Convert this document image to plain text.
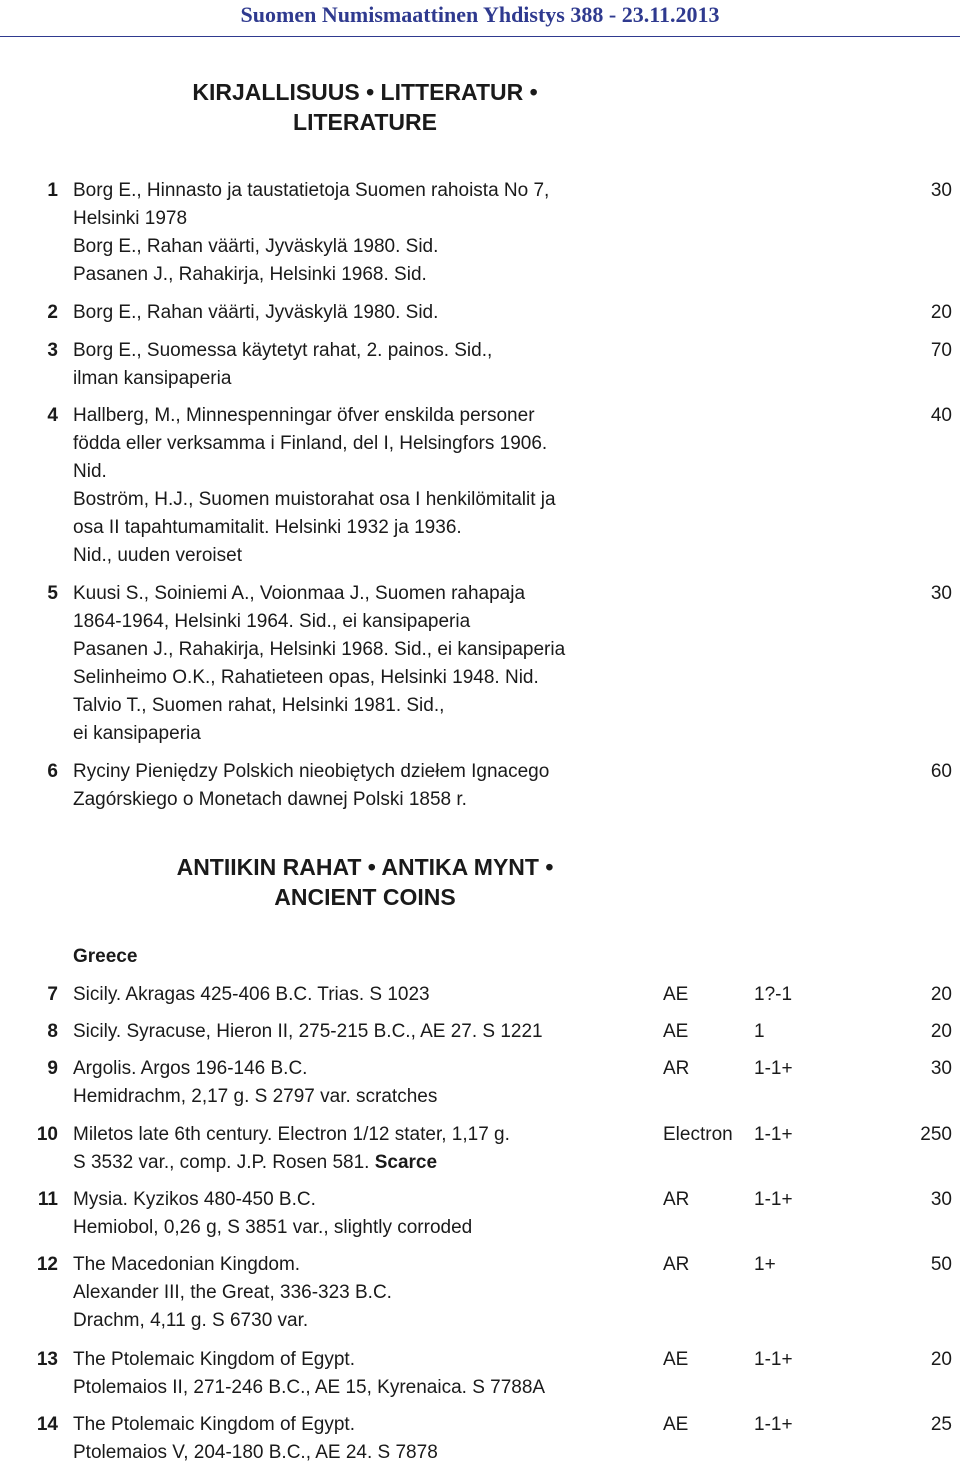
Suomen Numismaattinen Yhdistys 388 - 23.11.2013
KIRJALLISUUS • LITTERATUR •
LITERATURE
1 Borg E., Hinnasto ja taustatietoja Suomen rahoista No 7,
Helsinki 1978
Borg E., Rahan väärti, Jyväskylä 1980. Sid.
Pasanen J., Rahakirja, Helsinki 1968. Sid.
30
2 Borg E., Rahan väärti, Jyväskylä 1980. Sid.	20
3 Borg E., Suomessa käytetyt rahat, 2. painos. Sid.,
ilman kansipaperia
70
4 Hallberg, M., Minnespenningar öfver enskilda personer
födda eller verksamma i Finland, del I, Helsingfors 1906.
Nid.
Boström, H.J., Suomen muistorahat osa I henkilömitalit ja
osa II tapahtumamitalit. Helsinki 1932 ja 1936.
Nid., uuden veroiset
40
5 Kuusi S., Soiniemi A., Voionmaa J., Suomen rahapaja
1864-1964, Helsinki 1964. Sid., ei kansipaperia
Pasanen J., Rahakirja, Helsinki 1968. Sid., ei kansipaperia
Selinheimo O.K., Rahatieteen opas, Helsinki 1948. Nid.
Talvio T., Suomen rahat, Helsinki 1981. Sid.,
ei kansipaperia
30
6 Ryciny Pieniędzy Polskich nieobiętych dziełem Ignacego
Zagórskiego o Monetach dawnej Polski 1858 r.
60
ANTIIKIN RAHAT • ANTIKA MYNT •
ANCIENT COINS
Greece
7 Sicily. Akragas 425-406 B.C. Trias. S 1023	AE	1?-1	20
8 Sicily. Syracuse, Hieron II, 275-215 B.C., AE 27. S 1221	AE	1	20
9 Argolis. Argos 196-146 B.C.
Hemidrachm, 2,17 g. S 2797 var. scratches
AR	1-1+	30
10 Miletos late 6th century. Electron 1/12 stater, 1,17 g.
S 3532 var., comp. J.P. Rosen 581. Scarce
Electron 1-1+	250
11 Mysia. Kyzikos 480-450 B.C.
Hemiobol, 0,26 g, S 3851 var., slightly corroded
AR	1-1+	30
12 The Macedonian Kingdom.
Alexander III, the Great, 336-323 B.C.
Drachm, 4,11 g. S 6730 var.
AR	1+	50
13 The Ptolemaic Kingdom of Egypt.
Ptolemaios II, 271-246 B.C., AE 15, Kyrenaica. S 7788A
AE	1-1+	20
14 The Ptolemaic Kingdom of Egypt.
Ptolemaios V, 204-180 B.C., AE 24. S 7878
AE	1-1+	25
